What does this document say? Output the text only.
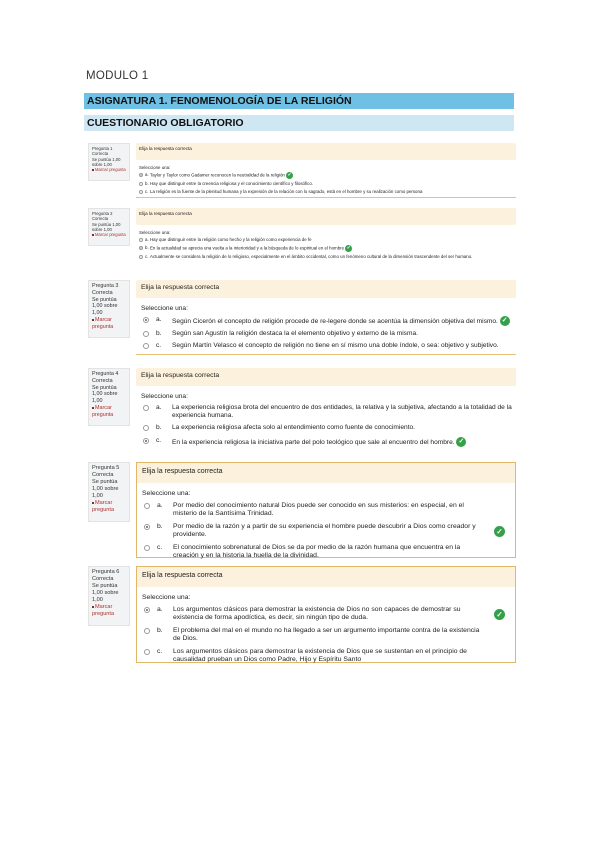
MODULO 1
ASIGNATURA 1. FENOMENOLOGÍA DE LA RELIGIÓN
CUESTIONARIO OBLIGATORIO
Pregunta 1
Correcta
Se puntúa 1,00 sobre 1,00
Marcar pregunta
Elija la respuesta correcta
Seleccione una:
a. Taylor y Taylor como Gadamer reconocen la neutralidad de la religión ✓
b. Hay que distinguir entre la creencia religiosa y el conocimiento científico y filosófico.
c. La religión es la fuente de la plenitud humana y la expresión de la relación con lo sagrado, está en el hombre y su realización como persona
Pregunta 2
Correcta
Se puntúa 1,00 sobre 1,00
Marcar pregunta
Elija la respuesta correcta
Seleccione una:
a. Hay que distinguir entre la religión como hecho y la religión como experiencia de fe
b. En la actualidad se aprecia una vuelta a la interioridad y a la búsqueda de lo espiritual en el hombre ✓
c. Actualmente se considera la religión de lo religioso, especialmente en el ámbito occidental, como un fenómeno cultural de la dimensión trascendente del ser humano.
Pregunta 3
Correcta
Se puntúa 1,00 sobre 1,00
Marcar pregunta
Elija la respuesta correcta
Seleccione una:
a. Según Cicerón el concepto de religión procede de re-legere donde se acentúa la dimensión objetiva del mismo. ✓
b. Según san Agustín la religión destaca la el elemento objetivo y externo de la misma.
c. Según Martín Velasco el concepto de religión no tiene en sí mismo una doble índole, o sea: objetivo y subjetivo.
Pregunta 4
Correcta
Se puntúa 1,00 sobre 1,00
Marcar pregunta
Elija la respuesta correcta
Seleccione una:
a. La experiencia religiosa brota del encuentro de dos entidades, la relativa y la subjetiva, afectando a la totalidad de la experiencia humana.
b. La experiencia religiosa afecta solo al entendimiento como fuente de conocimiento.
c. En la experiencia religiosa la iniciativa parte del polo teológico que sale al encuentro del hombre. ✓
Pregunta 5
Correcta
Se puntúa 1,00 sobre 1,00
Marcar pregunta
Elija la respuesta correcta
Seleccione una:
a. Por medio del conocimiento natural Dios puede ser conocido en sus misterios: en especial, en el misterio de la Santísima Trinidad.
b. Por medio de la razón y a partir de su experiencia el hombre puede descubrir a Dios como creador y providente.	✓
c. El conocimiento sobrenatural de Dios se da por medio de la razón humana que encuentra en la creación y en la historia la huella de la divinidad.
Pregunta 6
Correcta
Se puntúa 1,00 sobre 1,00
Marcar pregunta
Elija la respuesta correcta
Seleccione una:
a. Los argumentos clásicos para demostrar la existencia de Dios no son capaces de demostrar su existencia de forma apodíctica, es decir, sin ningún tipo de duda.	✓
b. El problema del mal en el mundo no ha llegado a ser un argumento importante contra de la existencia de Dios.
c. Los argumentos clásicos para demostrar la existencia de Dios que se sustentan en el principio de causalidad prueban un Dios como Padre, Hijo y Espíritu Santo
